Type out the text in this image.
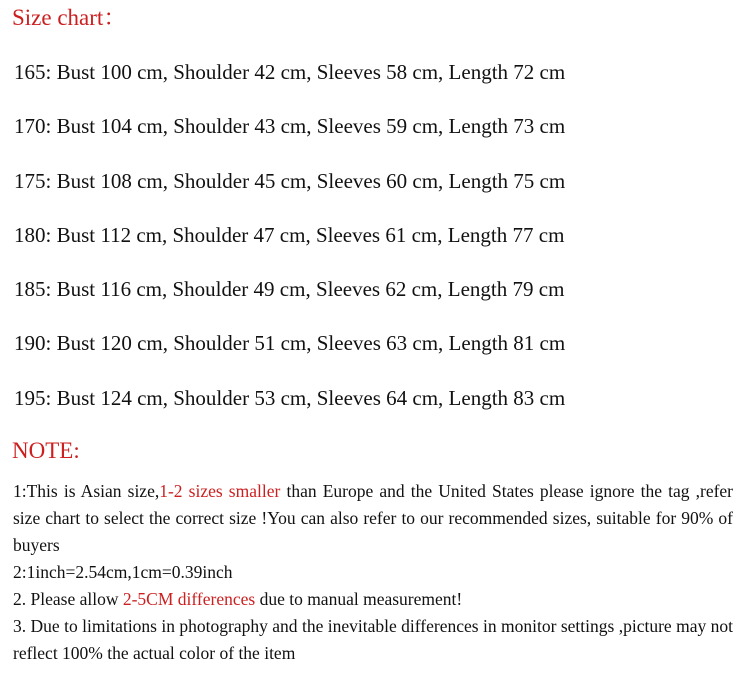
Size chart：
165: Bust 100 cm, Shoulder 42 cm, Sleeves 58 cm, Length 72 cm
170: Bust 104 cm, Shoulder 43 cm, Sleeves 59 cm, Length 73 cm
175: Bust 108 cm, Shoulder 45 cm, Sleeves 60 cm, Length 75 cm
180: Bust 112 cm, Shoulder 47 cm, Sleeves 61 cm, Length 77 cm
185: Bust 116 cm, Shoulder 49 cm, Sleeves 62 cm, Length 79 cm
190: Bust 120 cm, Shoulder 51 cm, Sleeves 63 cm, Length 81 cm
195: Bust 124 cm, Shoulder 53 cm, Sleeves 64 cm, Length 83 cm
NOTE:

1:This is Asian size,1-2 sizes smaller than Europe and the United States please ignore the tag ,refer size chart to select the correct size !You can also refer to our recommended sizes, suitable for 90% of buyers

2:1inch=2.54cm,1cm=0.39inch

2. Please allow 2-5CM differences due to manual measurement!

3. Due to limitations in photography and the inevitable differences in monitor settings ,picture may not reflect 100% the actual color of the item
